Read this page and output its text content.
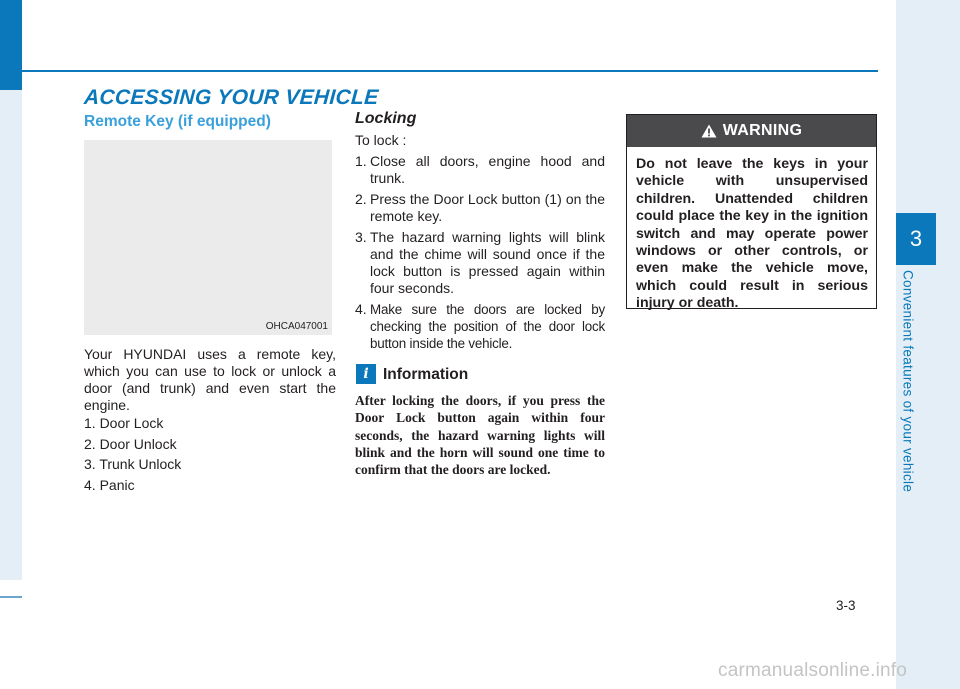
3
Convenient features of your vehicle
ACCESSING YOUR VEHICLE
Remote Key (if equipped)
OHCA047001

Your HYUNDAI uses a remote key, which you can use to lock or unlock a door (and trunk) and even start the engine.

1. Door Lock
2. Door Unlock
3. Trunk Unlock
4. Panic
Locking
To lock :
1. Close all doors, engine hood and trunk.
2. Press the Door Lock button (1) on the remote key.
3. The hazard warning lights will blink and the chime will sound once if the lock button is pressed again within four seconds.
4. Make sure the doors are locked by checking the position of the door lock button inside the vehicle.
i Information

After locking the doors, if you press the Door Lock button again within four seconds, the hazard warning lights will blink and the horn will sound one time to confirm that the doors are locked.

WARNING

Do not leave the keys in your vehicle with unsupervised children. Unattended children could place the key in the ignition switch and may operate power windows or other controls, or even make the vehicle move, which could result in serious injury or death.

3-3
carmanualsonline.info
